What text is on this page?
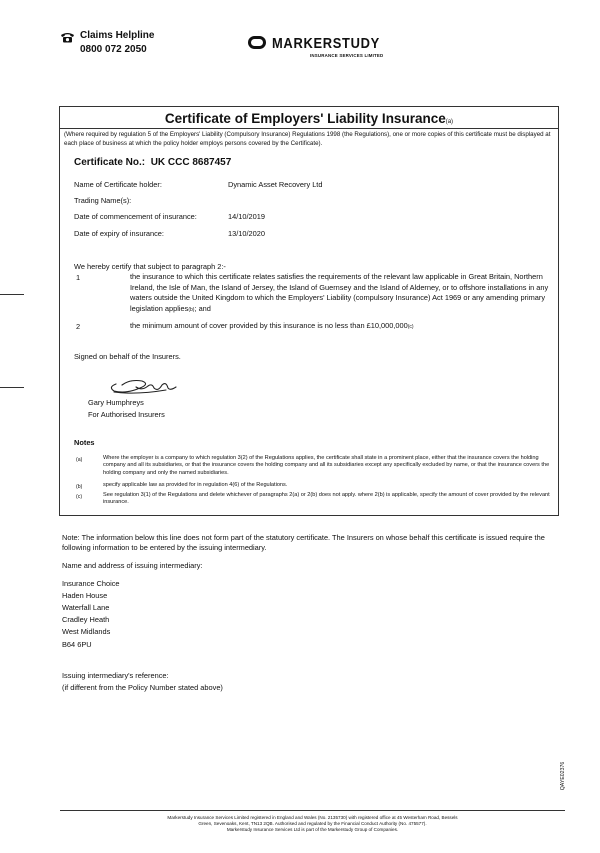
Claims Helpline
0800 072 2050	MARKERSTUDY
INSURANCE SERVICES LIMITED
Certificate of Employers' Liability Insurance(a)
(Where required by regulation 5 of the Employers' Liability (Compulsory Insurance) Regulations 1998 (the Regulations), one or more copies of this certificate must be displayed at each place of business at which the policy holder employs persons covered by the Certificate).
Certificate No.: UK CCC 8687457
Name of Certificate holder:	Dynamic Asset Recovery Ltd
Trading Name(s):
Date of commencement of insurance:	14/10/2019
Date of expiry of insurance:	13/10/2020
We hereby certify that subject to paragraph 2:-
1	the insurance to which this certificate relates satisfies the requirements of the relevant law applicable in Great Britain, Northern Ireland, the Isle of Man, the Island of Jersey, the Island of Guernsey and the Island of Alderney, or to offshore installations in any waters outside the United Kingdom to which the Employers' Liability (compulsory Insurance) Act 1969 or any amending primary legislation applies(b); and
2	the minimum amount of cover provided by this insurance is no less than £10,000,000(c)
Signed on behalf of the Insurers.
Gary Humphreys
For Authorised Insurers
Notes
(a)	Where the employer is a company to which regulation 3(2) of the Regulations applies, the certificate shall state in a prominent place, either that the insurance covers the holding company and all its subsidiaries, or that the insurance covers the holding company and all its subsidiaries except any specifically excluded by name, or that the insurance covers the holding company and only the named subsidiaries.
(b)	specify applicable law as provided for in regulation 4(6) of the Regulations.
(c)	See regulation 3(1) of the Regulations and delete whichever of paragraphs 2(a) or 2(b) does not apply. where 2(b) is applicable, specify the amount of cover provided by the relevant insurance.
Note: The information below this line does not form part of the statutory certificate. The Insurers on whose behalf this certificate is issued require the following information to be entered by the issuing intermediary.
Name and address of issuing intermediary:
Insurance Choice
Haden House
Waterfall Lane
Cradley Heath
West Midlands
B64 6PU
Issuing intermediary's reference:
(if different from the Policy Number stated above)
QAYE02376
Markerstudy Insurance Services Limited registered in England and Wales (No. 2135730) with registered office at 45 Westerham Road, Bessels
Green, Sevenoaks, Kent, TN13 2QB. Authorised and regulated by the Financial Conduct Authority (No. 475577).
Markerstudy Insurance Services Ltd is part of the Markerstudy Group of Companies.
